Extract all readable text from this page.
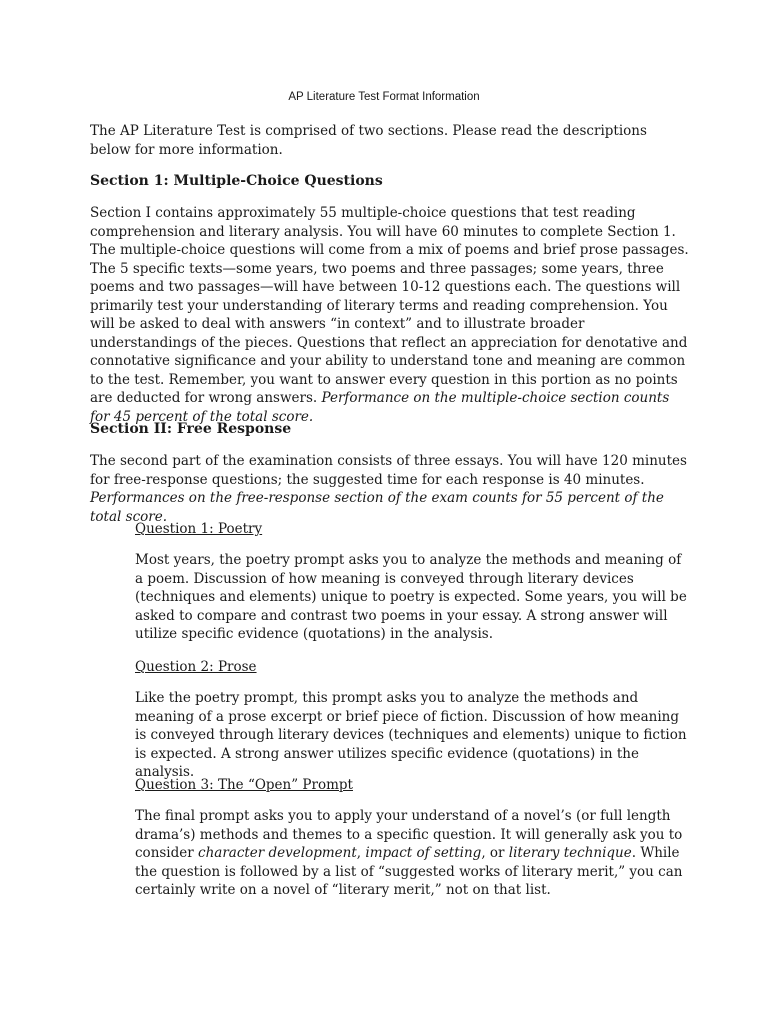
AP Literature Test Format Information

The AP Literature Test is comprised of two sections. Please read the descriptions below for more information.

Section 1: Multiple-Choice Questions

Section I contains approximately 55 multiple-choice questions that test reading comprehension and literary analysis. You will have 60 minutes to complete Section 1. The multiple-choice questions will come from a mix of poems and brief prose passages. The 5 specific texts—some years, two poems and three passages; some years, three poems and two passages—will have between 10-12 questions each. The questions will primarily test your understanding of literary terms and reading comprehension. You will be asked to deal with answers “in context” and to illustrate broader understandings of the pieces. Questions that reflect an appreciation for denotative and connotative significance and your ability to understand tone and meaning are common to the test. Remember, you want to answer every question in this portion as no points are deducted for wrong answers. Performance on the multiple-choice section counts for 45 percent of the total score.

Section II: Free Response

The second part of the examination consists of three essays. You will have 120 minutes for free-response questions; the suggested time for each response is 40 minutes. Performances on the free-response section of the exam counts for 55 percent of the total score.

Question 1: Poetry

Most years, the poetry prompt asks you to analyze the methods and meaning of a poem. Discussion of how meaning is conveyed through literary devices (techniques and elements) unique to poetry is expected. Some years, you will be asked to compare and contrast two poems in your essay. A strong answer will utilize specific evidence (quotations) in the analysis.

Question 2: Prose

Like the poetry prompt, this prompt asks you to analyze the methods and meaning of a prose excerpt or brief piece of fiction. Discussion of how meaning is conveyed through literary devices (techniques and elements) unique to fiction is expected. A strong answer utilizes specific evidence (quotations) in the analysis.

Question 3: The “Open” Prompt

The final prompt asks you to apply your understand of a novel’s (or full length drama’s) methods and themes to a specific question. It will generally ask you to consider character development, impact of setting, or literary technique. While the question is followed by a list of “suggested works of literary merit,” you can certainly write on a novel of “literary merit,” not on that list.
